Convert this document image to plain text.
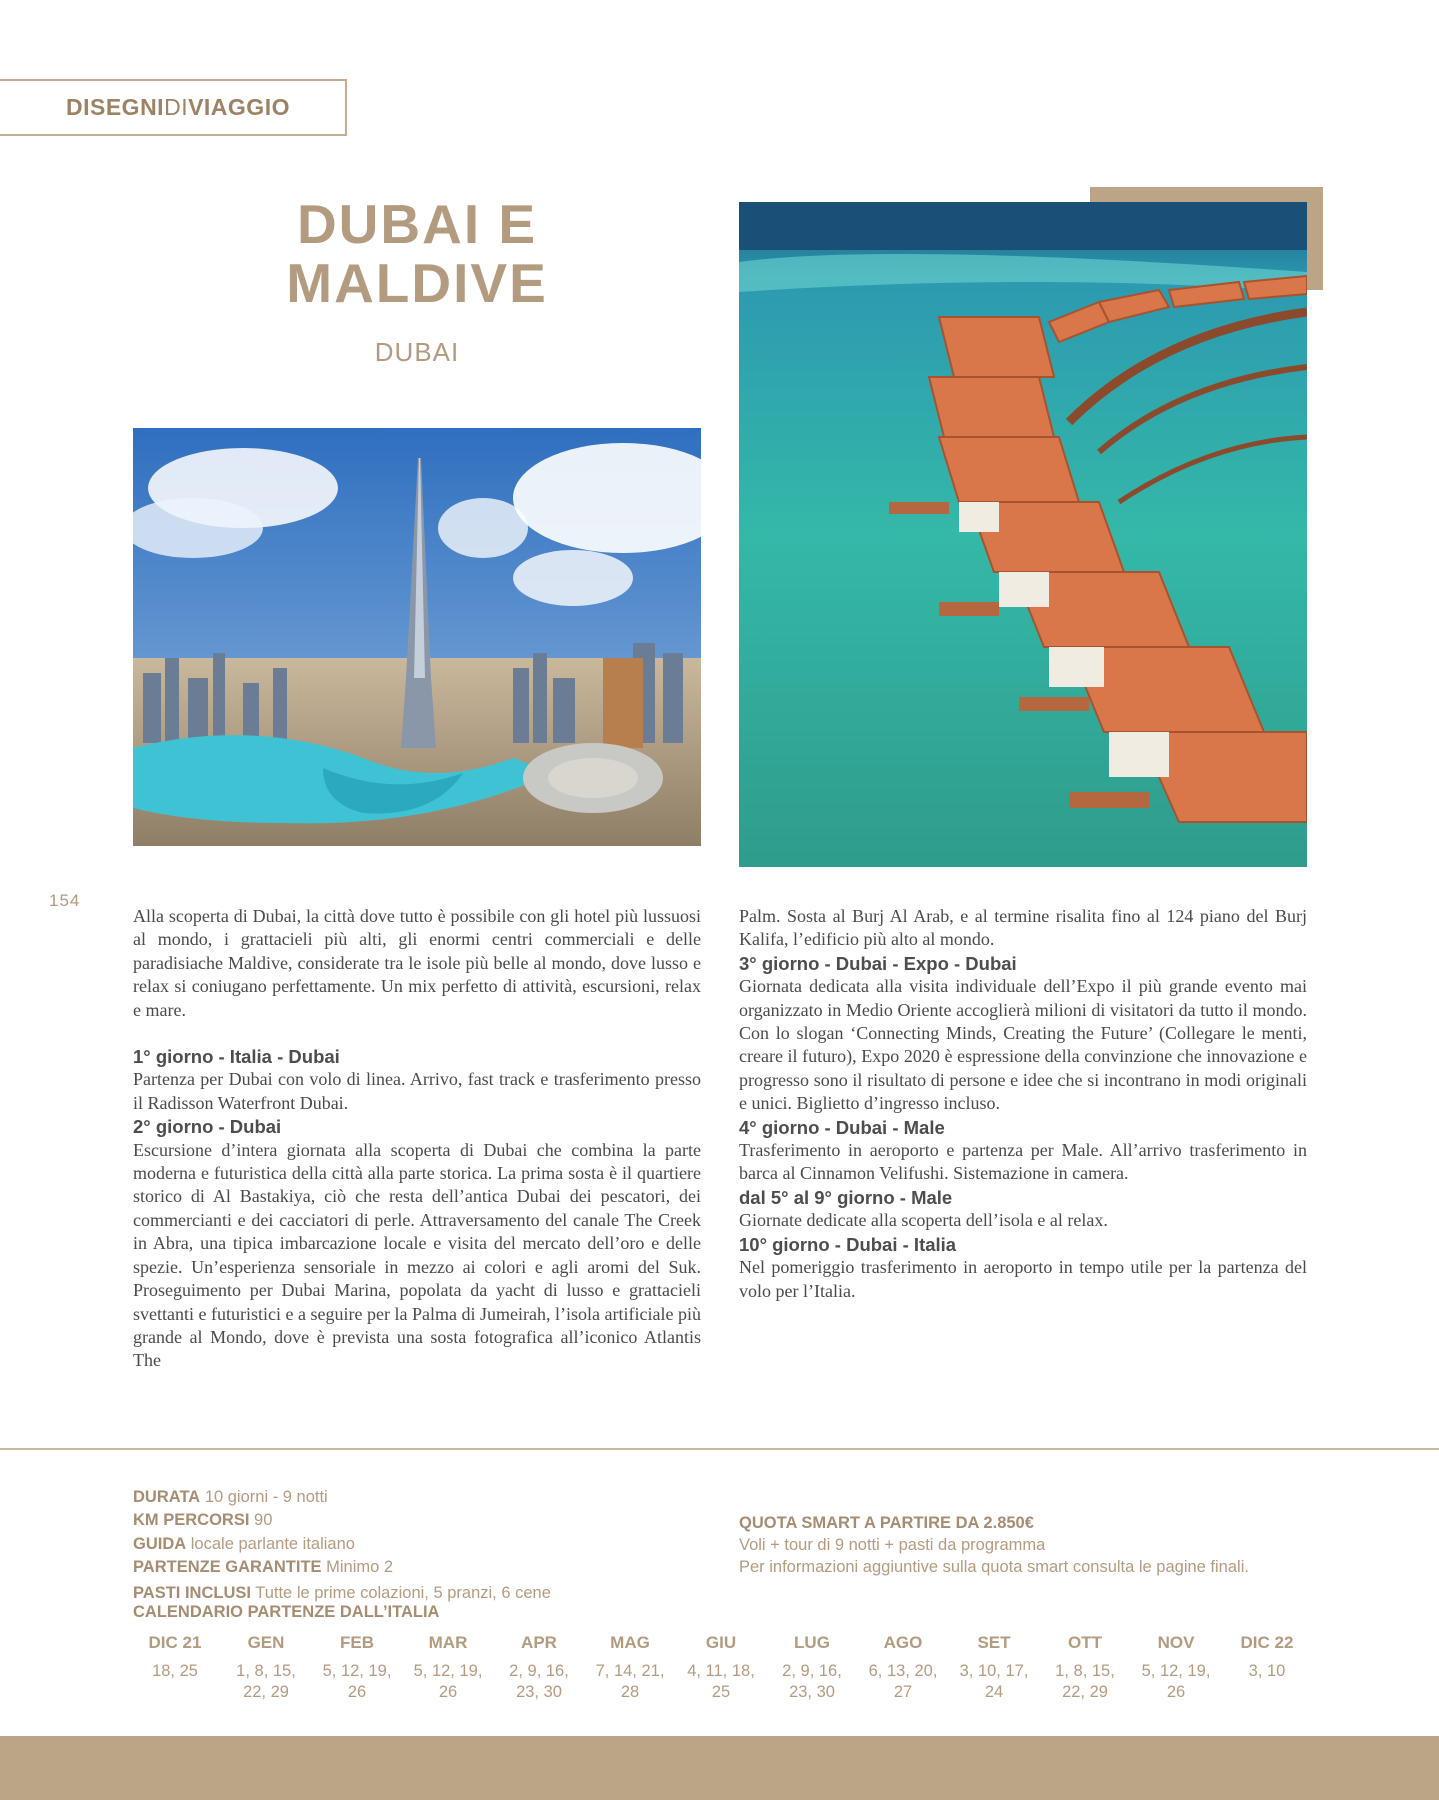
DISEGNI DI VIAGGIO
DUBAI E
MALDIVE
DUBAI
154

Alla scoperta di Dubai, la città dove tutto è possibile con gli hotel più lussuosi al mondo, i grattacieli più alti, gli enormi centri commerciali e delle paradisiache Maldive, considerate tra le isole più belle al mondo, dove lusso e relax si coniugano perfettamente. Un mix perfetto di attività, escursioni, relax e mare.

1° giorno - Italia - Dubai

Partenza per Dubai con volo di linea. Arrivo, fast track e trasferimento presso il Radisson Waterfront Dubai.

2° giorno - Dubai

Escursione d’intera giornata alla scoperta di Dubai che combina la parte moderna e futuristica della città alla parte storica. La prima sosta è il quartiere storico di Al Bastakiya, ciò che resta dell’antica Dubai dei pescatori, dei commercianti e dei cacciatori di perle. Attraversamento del canale The Creek in Abra, una tipica imbarcazione locale e visita del mercato dell’oro e delle spezie. Un’esperienza sensoriale in mezzo ai colori e agli aromi del Suk. Proseguimento per Dubai Marina, popolata da yacht di lusso e grattacieli svettanti e futuristici e a seguire per la Palma di Jumeirah, l’isola artificiale più grande al Mondo, dove è prevista una sosta fotografica all’iconico Atlantis The

Palm. Sosta al Burj Al Arab, e al termine risalita fino al 124 piano del Burj Kalifa, l’edificio più alto al mondo.

3° giorno - Dubai - Expo - Dubai

Giornata dedicata alla visita individuale dell’Expo il più grande evento mai organizzato in Medio Oriente accoglierà milioni di visitatori da tutto il mondo. Con lo slogan ‘Connecting Minds, Creating the Future’ (Collegare le menti, creare il futuro), Expo 2020 è espressione della convinzione che innovazione e progresso sono il risultato di persone e idee che si incontrano in modi originali e unici. Biglietto d’ingresso incluso.

4° giorno - Dubai - Male

Trasferimento in aeroporto e partenza per Male. All’arrivo trasferimento in barca al Cinnamon Velifushi. Sistemazione in camera.

dal 5° al 9° giorno - Male

Giornate dedicate alla scoperta dell’isola e al relax.

10° giorno - Dubai - Italia

Nel pomeriggio trasferimento in aeroporto in tempo utile per la partenza del volo per l’Italia.

DURATA 10 giorni - 9 notti
KM PERCORSI 90
GUIDA locale parlante italiano
PARTENZE GARANTITE Minimo 2
PASTI INCLUSI Tutte le prime colazioni, 5 pranzi, 6 cene
CALENDARIO PARTENZE DALL’ITALIA
QUOTA SMART A PARTIRE DA 2.850€
Voli + tour di 9 notti + pasti da programma
Per informazioni aggiuntive sulla quota smart consulta le pagine finali.
DIC 21
18, 25
GEN
1, 8, 15,
22, 29
FEB
5, 12, 19,
26
MAR
5, 12, 19,
26
APR
2, 9, 16,
23, 30
MAG
7, 14, 21,
28
GIU
4, 11, 18,
25
LUG
2, 9, 16,
23, 30
AGO
6, 13, 20,
27
SET
3, 10, 17,
24
OTT
1, 8, 15,
22, 29
NOV
5, 12, 19,
26
DIC 22
3, 10
